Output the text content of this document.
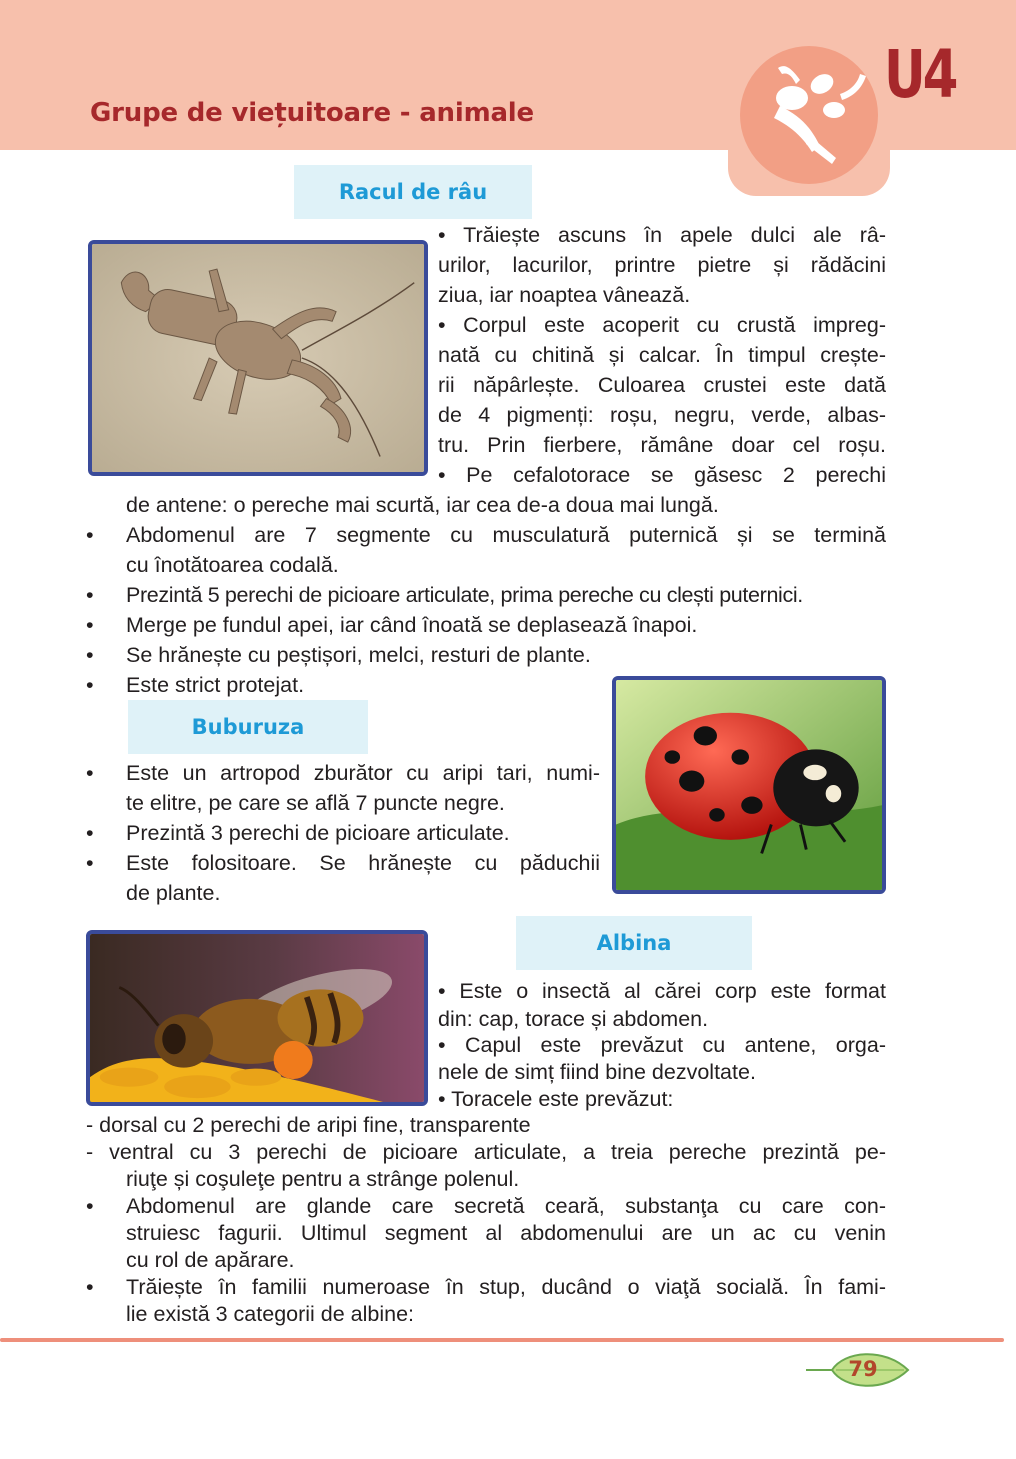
U4
Grupe de viețuitoare - animale
Racul de râu
• Trăiește ascuns în apele dulci ale râ-
urilor, lacurilor, printre pietre și rădăcini
ziua, iar noaptea vânează.
• Corpul este acoperit cu crustă impreg-
nată cu chitină și calcar. În timpul crește-
rii năpârlește. Culoarea crustei este dată
de 4 pigmenți: roșu, negru, verde, albas-
tru. Prin fierbere, rămâne doar cel roșu.
• Pe cefalotorace se găsesc 2 perechi
de antene: o pereche mai scurtă, iar cea de-a doua mai lungă.
• Abdomenul are 7 segmente cu musculatură puternică și se termină
cu înotătoarea codală.
• Prezintă 5 perechi de picioare articulate, prima pereche cu clești puternici.
• Merge pe fundul apei, iar când înoată se deplasează înapoi.
• Se hrănește cu peștișori, melci, resturi de plante.
• Este strict protejat.
Buburuza
• Este un artropod zburător cu aripi tari, numi-
te elitre, pe care se află 7 puncte negre.
• Prezintă 3 perechi de picioare articulate.
• Este folositoare. Se hrănește cu păduchii
de plante.
Albina
• Este o insectă al cărei corp este format
din: cap, torace și abdomen.
• Capul este prevăzut cu antene, orga-
nele de simț fiind bine dezvoltate.
• Toracele este prevăzut:
- dorsal cu 2 perechi de aripi fine, transparente
- ventral cu 3 perechi de picioare articulate, a treia pereche prezintă pe-
riuţe și coşuleţe pentru a strânge polenul.
• Abdomenul are glande care secretă ceară, substanţa cu care con-
struiesc fagurii. Ultimul segment al abdomenului are un ac cu venin
cu rol de apărare.
• Trăiește în familii numeroase în stup, ducând o viaţă socială. În fami-
lie există 3 categorii de albine:
79
